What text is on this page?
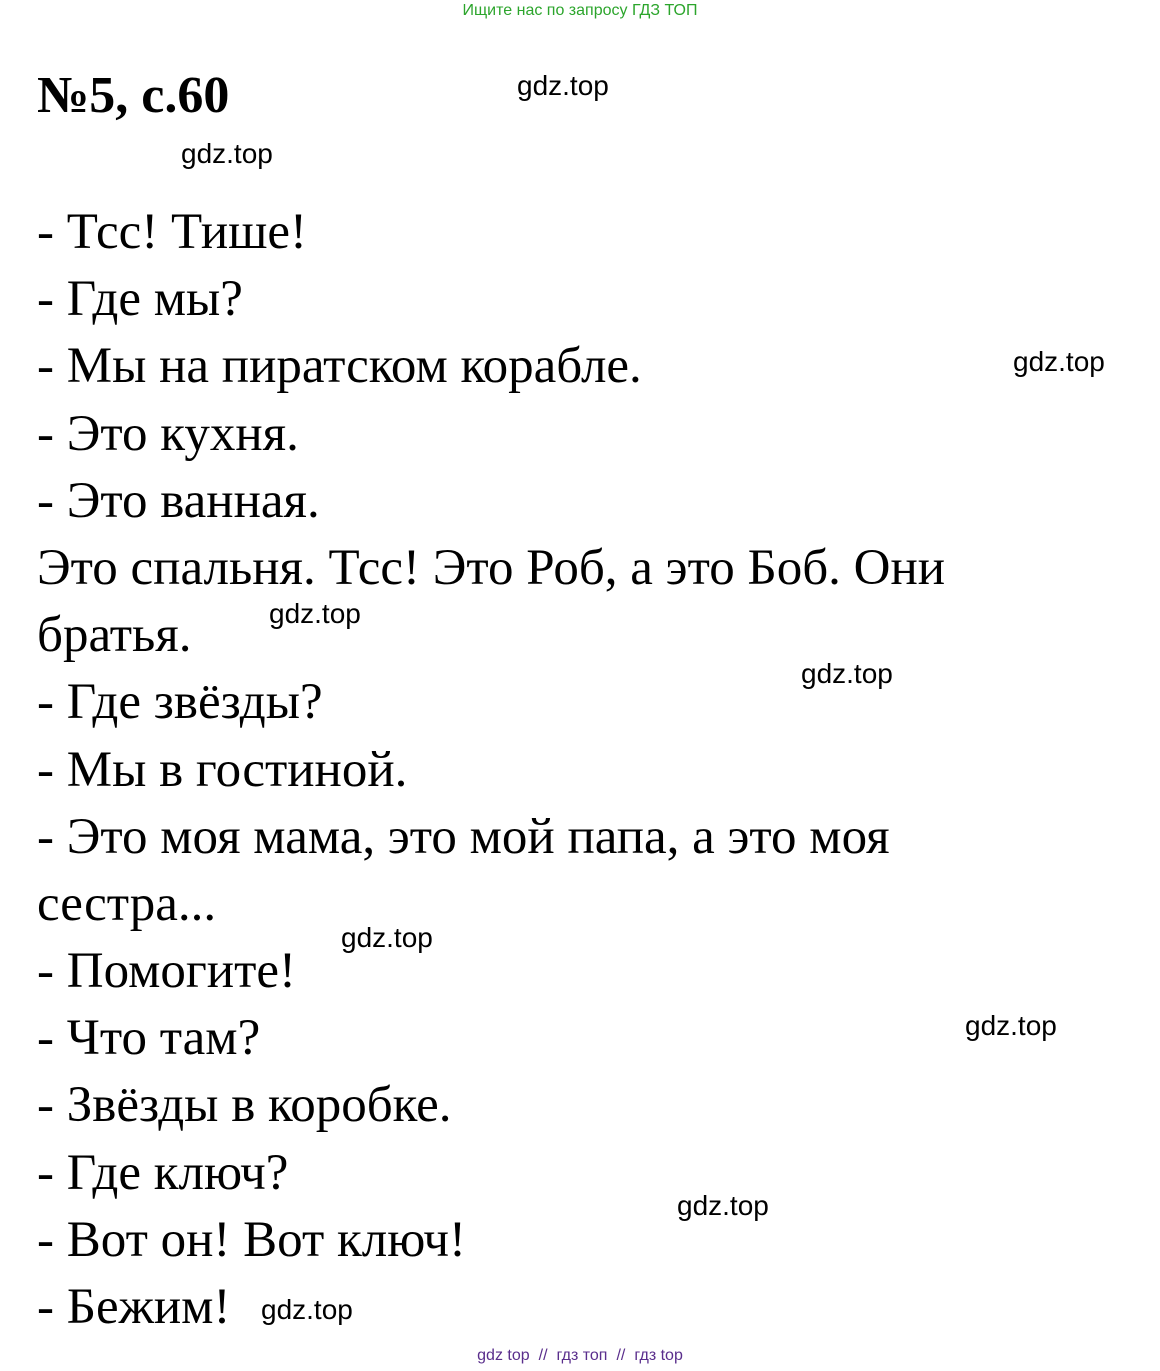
Ищите нас по запросу ГДЗ ТОП
№5, с.60
- Тсс! Тише!
- Где мы?
- Мы на пиратском корабле.
- Это кухня.
- Это ванная.
Это спальня. Тсс! Это Роб, а это Боб. Они
братья.
- Где звёзды?
- Мы в гостиной.
- Это моя мама, это мой папа, а это моя
сестра...
- Помогите!
- Что там?
- Звёзды в коробке.
- Где ключ?
- Вот он! Вот ключ!
- Бежим!
gdz.top
gdz.top
gdz.top
gdz.top
gdz.top
gdz.top
gdz.top
gdz.top
gdz.top
gdz top // гдз топ // гдз top
